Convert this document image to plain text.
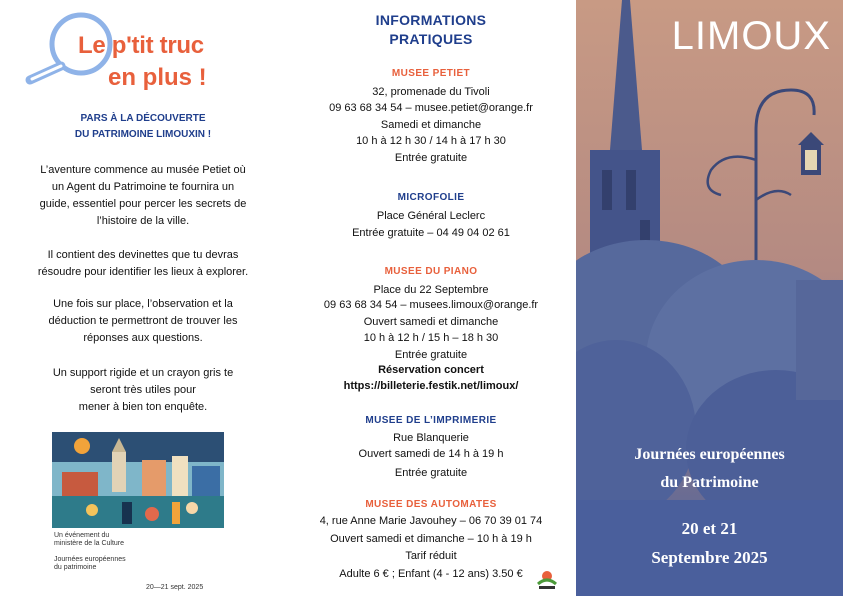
Le p'tit truc
en plus !
PARS À LA DÉCOUVERTE
DU PATRIMOINE LIMOUXIN !
L’aventure commence au musée Petiet où
un Agent du Patrimoine te fournira un
guide, essentiel pour percer les secrets de
l’histoire de la ville.
Il contient des devinettes que tu devras
résoudre pour identifier les lieux à explorer.
Une fois sur place, l’observation et la
déduction te permettront de trouver les
réponses aux questions.
Un support rigide et un crayon gris te
seront très utiles pour
mener à bien ton enquête.
Un événement du
ministère de la Culture
Journées européennes
du patrimoine
20—21 sept. 2025
INFORMATIONS
PRATIQUES
MUSEE PETIET
32, promenade du Tivoli
09 63 68 34 54 – musee.petiet@orange.fr
Samedi et dimanche
10 h à 12 h 30 / 14 h à 17 h 30
Entrée gratuite
MICROFOLIE
Place Général Leclerc
Entrée gratuite – 04 49 04 02 61
MUSEE DU PIANO
Place du 22 Septembre
09 63 68 34 54 – musees.limoux@orange.fr
Ouvert samedi et dimanche
10 h à 12 h / 15 h – 18 h 30
Entrée gratuite
Réservation concert
https://billeterie.festik.net/limoux/
MUSEE DE L’IMPRIMERIE
Rue Blanquerie
Ouvert samedi de 14 h à 19 h
Entrée gratuite
MUSEE DES AUTOMATES
4, rue Anne Marie Javouhey – 06 70 39 01 74
Ouvert samedi et dimanche – 10 h à 19 h
Tarif réduit
Adulte 6 € ; Enfant (4 - 12 ans) 3.50 €
LIMOUX
Journées européennes
du Patrimoine
20 et 21
Septembre 2025
